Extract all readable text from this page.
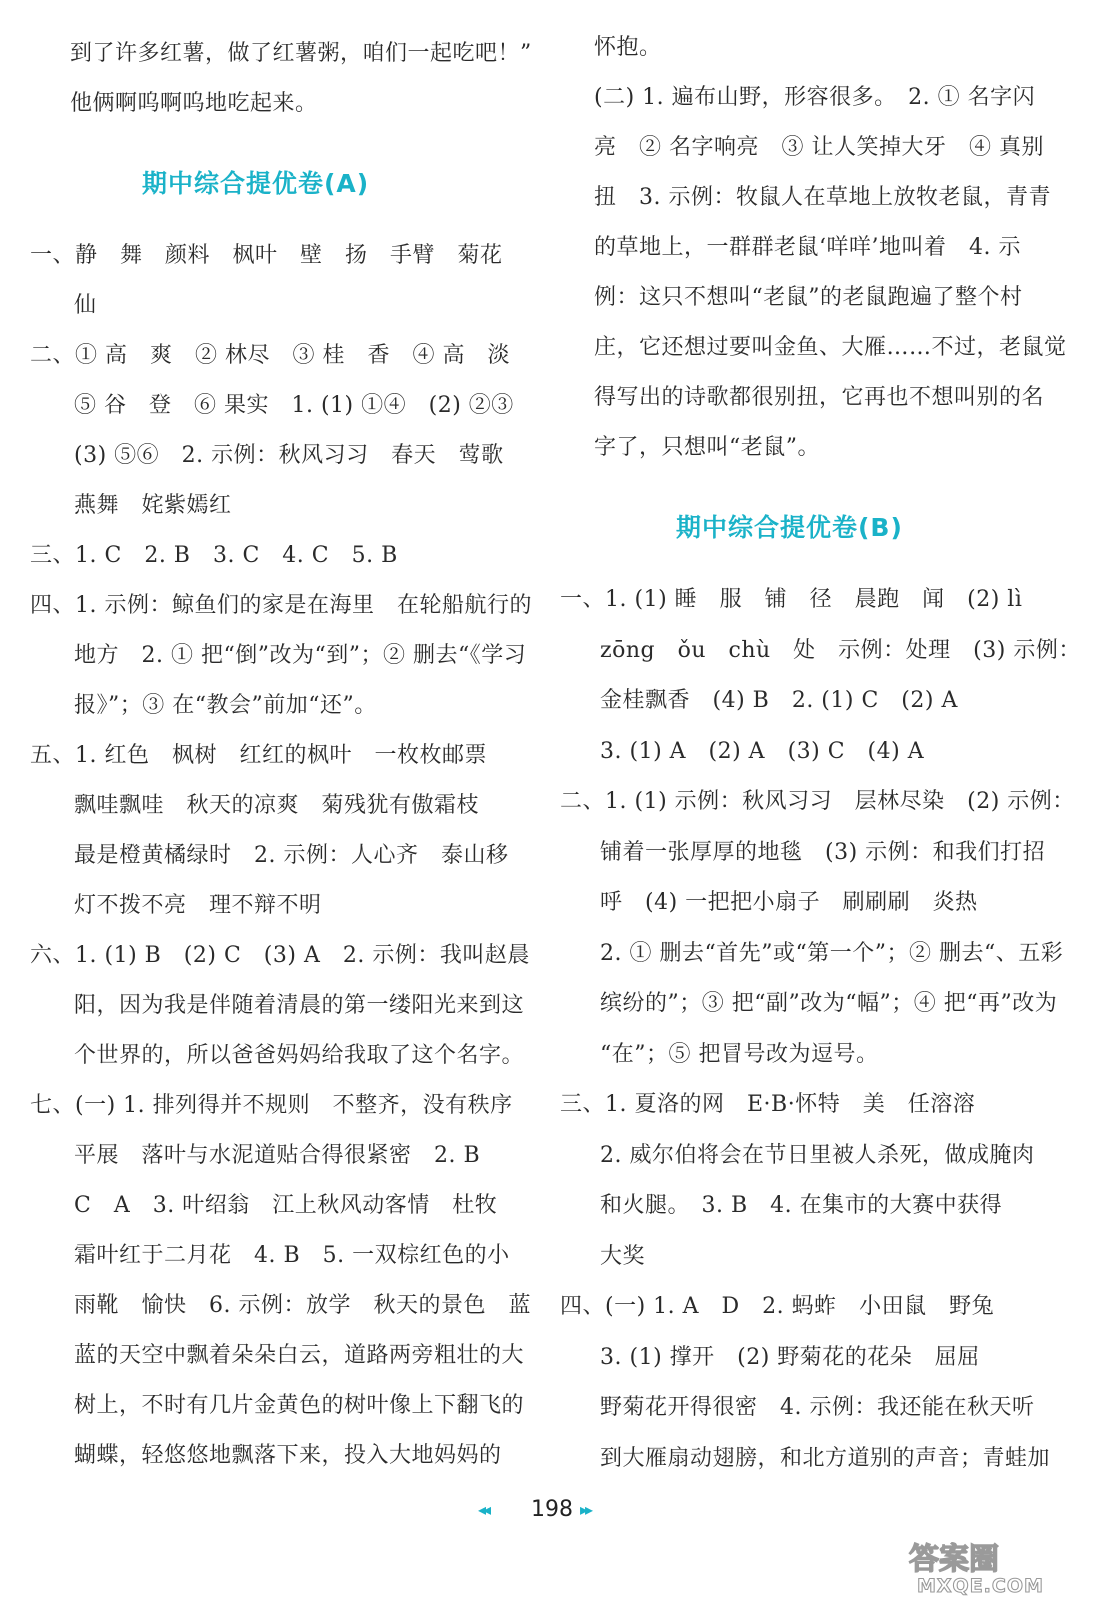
到了许多红薯，做了红薯粥，咱们一起吃吧！”
他俩啊呜啊呜地吃起来。
期中综合提优卷(A)
一、静　舞　颜料　枫叶　壁　扬　手臂　菊花
仙
二、① 高　爽　② 林尽　③ 桂　香　④ 高　淡
⑤ 谷　登　⑥ 果实　1. (1) ①④　(2) ②③
(3) ⑤⑥　2. 示例：秋风习习　春天　莺歌
燕舞　姹紫嫣红
三、1. C　2. B　3. C　4. C　5. B
四、1. 示例：鲸鱼们的家是在海里　在轮船航行的
地方　2. ① 把“倒”改为“到”；② 删去“《学习
报》”；③ 在“教会”前加“还”。
五、1. 红色　枫树　红红的枫叶　一枚枚邮票
飘哇飘哇　秋天的凉爽　菊残犹有傲霜枝
最是橙黄橘绿时　2. 示例：人心齐　泰山移
灯不拨不亮　理不辩不明
六、1. (1) B　(2) C　(3) A　2. 示例：我叫赵晨
阳，因为我是伴随着清晨的第一缕阳光来到这
个世界的，所以爸爸妈妈给我取了这个名字。
七、(一) 1. 排列得并不规则　不整齐，没有秩序
平展　落叶与水泥道贴合得很紧密　2. B
C　A　3. 叶绍翁　江上秋风动客情　杜牧
霜叶红于二月花　4. B　5. 一双棕红色的小
雨靴　愉快　6. 示例：放学　秋天的景色　蓝
蓝的天空中飘着朵朵白云，道路两旁粗壮的大
树上，不时有几片金黄色的树叶像上下翻飞的
蝴蝶，轻悠悠地飘落下来，投入大地妈妈的
怀抱。
(二) 1. 遍布山野，形容很多。　2. ① 名字闪
亮　② 名字响亮　③ 让人笑掉大牙　④ 真别
扭　3. 示例：牧鼠人在草地上放牧老鼠，青青
的草地上，一群群老鼠‘咩咩’地叫着　4. 示
例：这只不想叫“老鼠”的老鼠跑遍了整个村
庄，它还想过要叫金鱼、大雁……不过，老鼠觉
得写出的诗歌都很别扭，它再也不想叫别的名
字了，只想叫“老鼠”。
期中综合提优卷(B)
一、1. (1) 睡　服　铺　径　晨跑　闻　(2) lì
zōng　ǒu　chù　处　示例：处理　(3) 示例：
金桂飘香　(4) B　2. (1) C　(2) A
3. (1) A　(2) A　(3) C　(4) A
二、1. (1) 示例：秋风习习　层林尽染　(2) 示例：
铺着一张厚厚的地毯　(3) 示例：和我们打招
呼　(4) 一把把小扇子　刷刷刷　炎热
2. ① 删去“首先”或“第一个”；② 删去“、五彩
缤纷的”；③ 把“副”改为“幅”；④ 把“再”改为
“在”；⑤ 把冒号改为逗号。
三、1. 夏洛的网　E·B·怀特　美　任溶溶
2. 威尔伯将会在节日里被人杀死，做成腌肉
和火腿。　3. B　4. 在集市的大赛中获得
大奖
四、(一) 1. A　D　2. 蚂蚱　小田鼠　野兔
3. (1) 撑开　(2) 野菊花的花朵　屈屈
野菊花开得很密　4. 示例：我还能在秋天听
到大雁扇动翅膀，和北方道别的声音；青蛙加
◂◂ 198 ▸▸
答案圈
MXQE.COM
